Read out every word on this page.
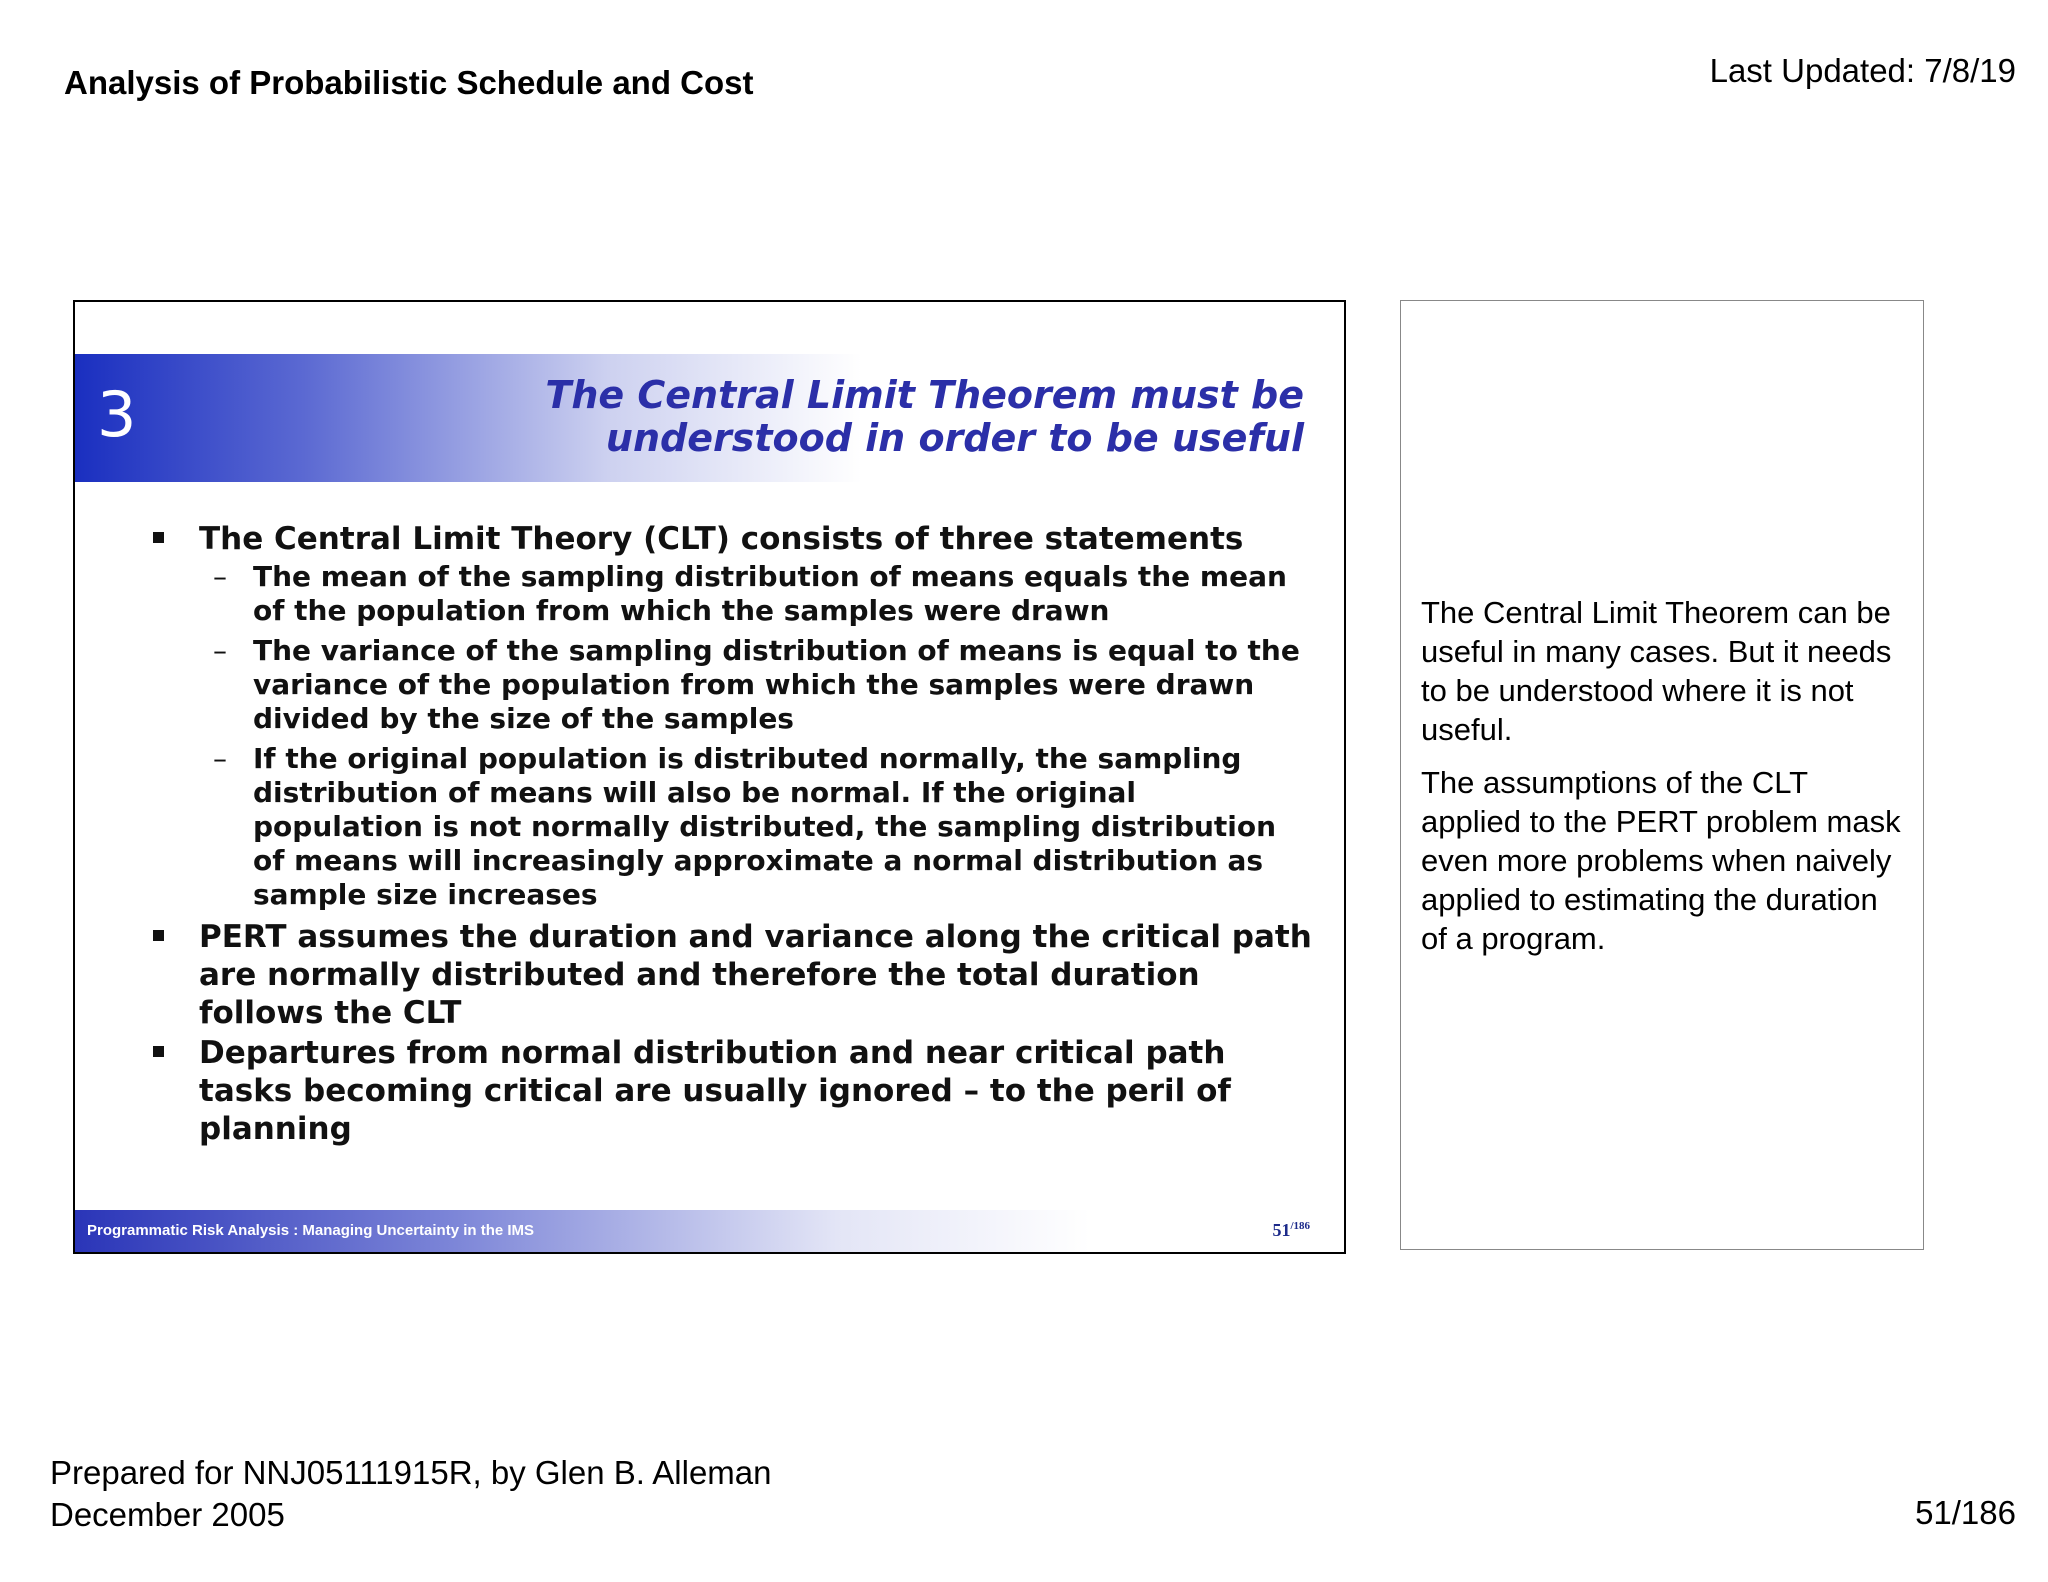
Analysis of Probabilistic Schedule and Cost	Last Updated: 7/8/19
3	The Central Limit Theorem must be
understood in order to be useful
The Central Limit Theory (CLT) consists of three statements
– The mean of the sampling distribution of means equals the mean of the population from which the samples were drawn
– The variance of the sampling distribution of means is equal to the variance of the population from which the samples were drawn divided by the size of the samples
– If the original population is distributed normally, the sampling distribution of means will also be normal. If the original population is not normally distributed, the sampling distribution of means will increasingly approximate a normal distribution as sample size increases
PERT assumes the duration and variance along the critical path are normally distributed and therefore the total duration follows the CLT
Departures from normal distribution and near critical path tasks becoming critical are usually ignored – to the peril of planning
Programmatic Risk Analysis : Managing Uncertainty in the IMS	$51^{/186}$

The Central Limit Theorem can be useful in many cases. But it needs to be understood where it is not useful.

The assumptions of the CLT applied to the PERT problem mask even more problems when naively applied to estimating the duration of a program.

Prepared for NNJ05111915R, by Glen B. Alleman
December 2005	51/186
